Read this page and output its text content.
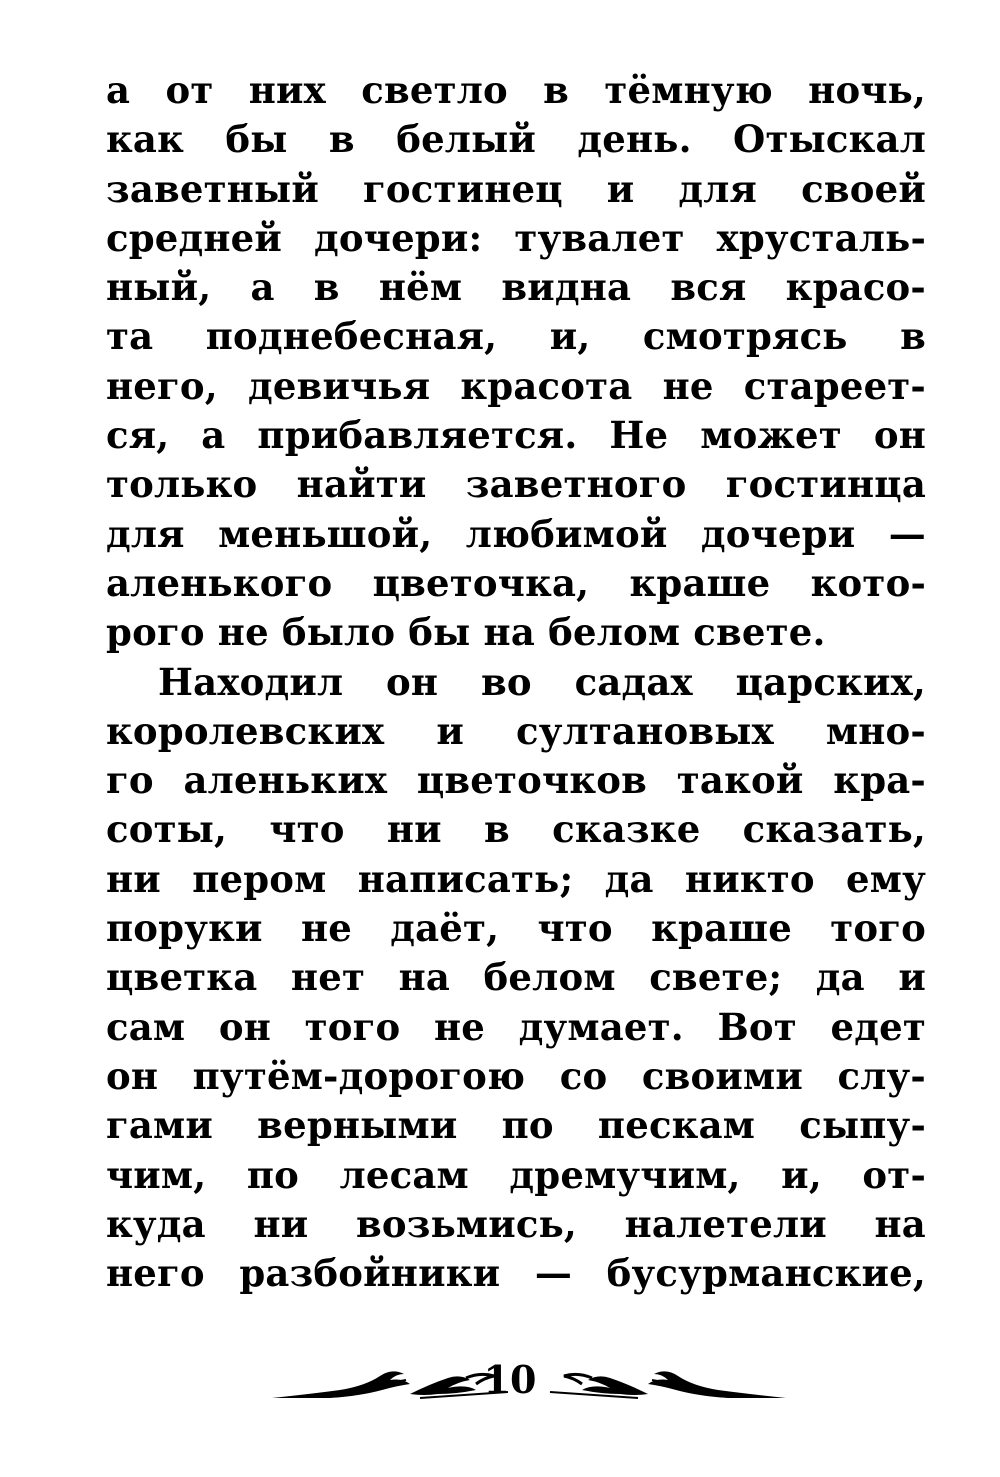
а от них светло в тёмную ночь,
как бы в белый день. Отыскал
заветный гостинец и для своей
средней дочери: тувалет хрусталь-
ный, а в нём видна вся красо-
та поднебесная, и, смотрясь в
него, девичья красота не стареет-
ся, а прибавляется. Не может он
только найти заветного гостинца
для меньшой, любимой дочери —
аленького цветочка, краше кото-
рого не было бы на белом свете.
Находил он во садах царских,
королевских и султановых мно-
го аленьких цветочков такой кра-
соты, что ни в сказке сказать,
ни пером написать; да никто ему
поруки не даёт, что краше того
цветка нет на белом свете; да и
сам он того не думает. Вот едет
он путём-дорогою со своими слу-
гами верными по пескам сыпу-
чим, по лесам дремучим, и, от-
куда ни возьмись, налетели на
него разбойники — бусурманские,
10
